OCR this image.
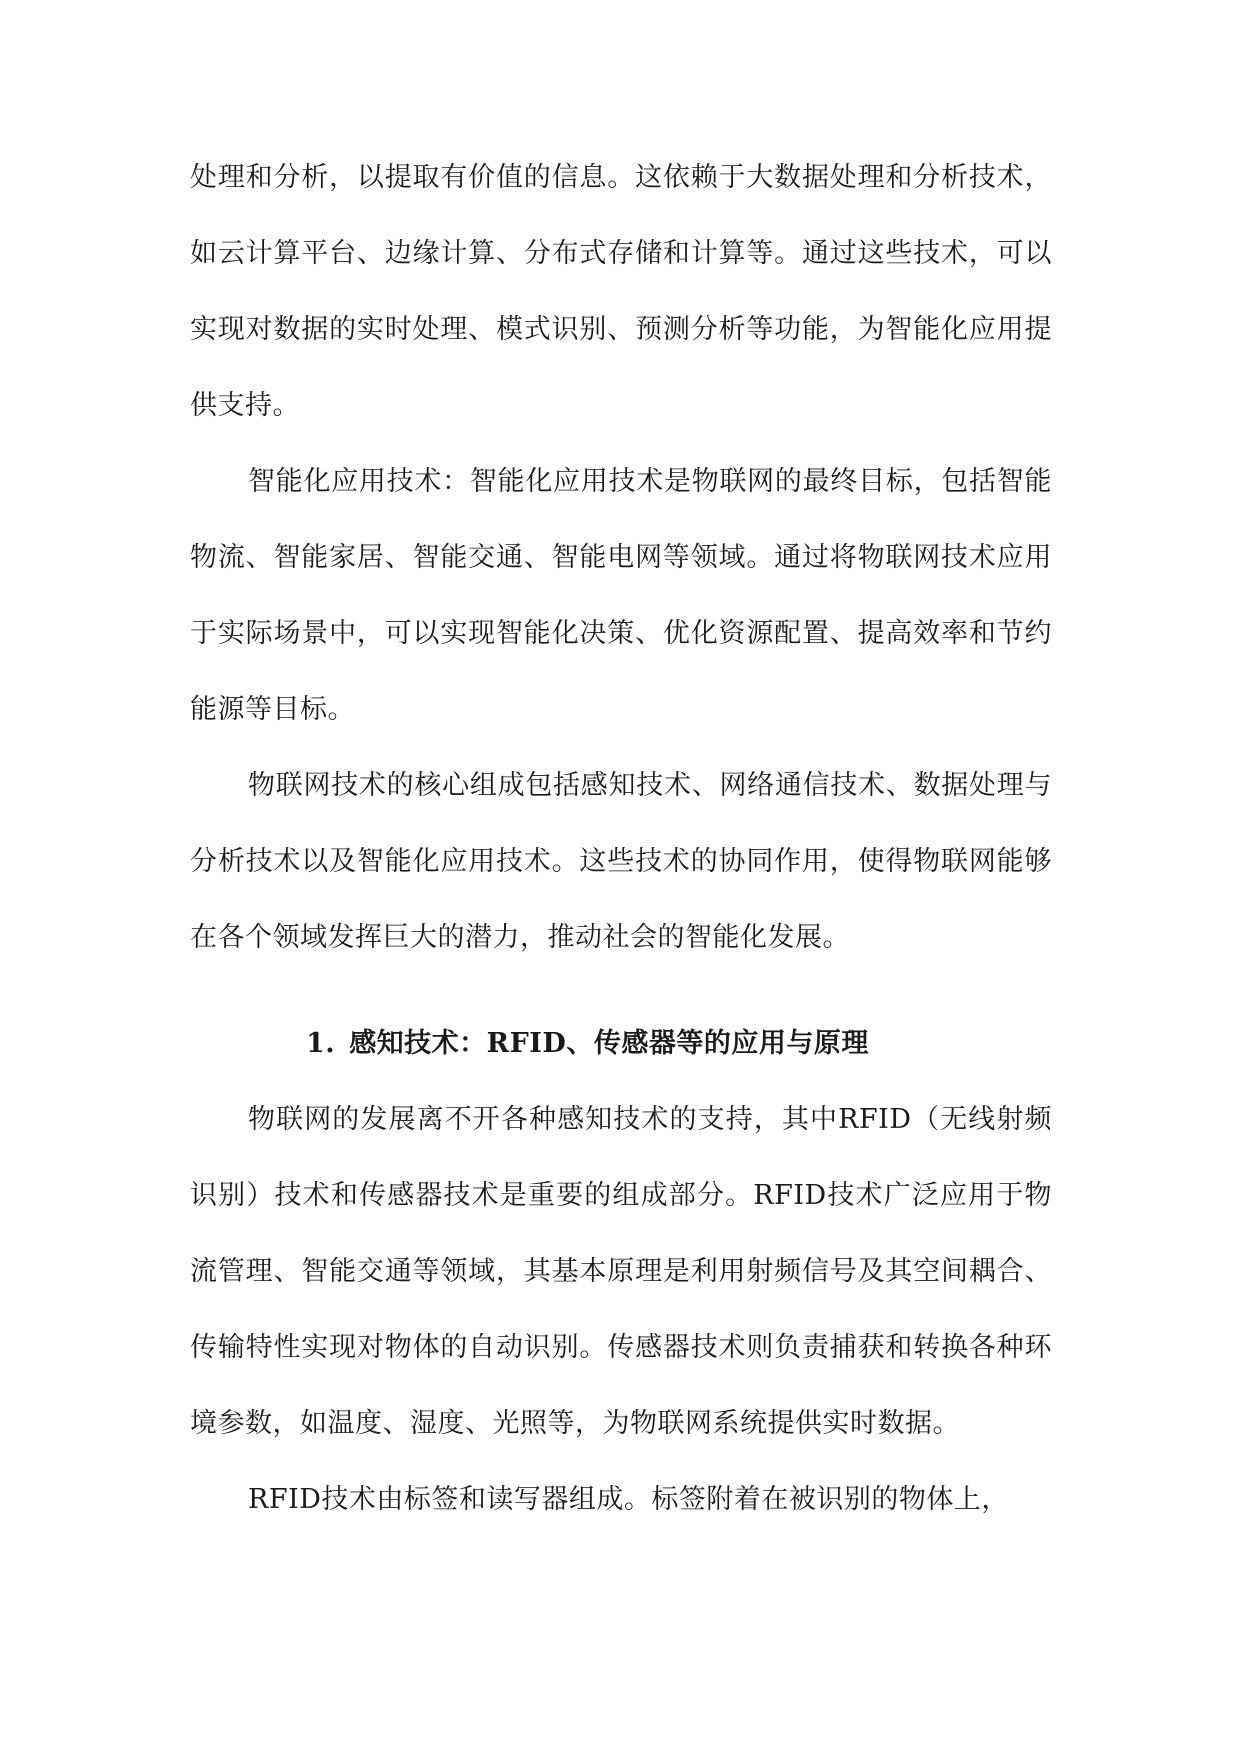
处理和分析，以提取有价值的信息。这依赖于大数据处理和分析技术，如云计算平台、边缘计算、分布式存储和计算等。通过这些技术，可以实现对数据的实时处理、模式识别、预测分析等功能，为智能化应用提供支持。

智能化应用技术：智能化应用技术是物联网的最终目标，包括智能物流、智能家居、智能交通、智能电网等领域。通过将物联网技术应用于实际场景中，可以实现智能化决策、优化资源配置、提高效率和节约能源等目标。

物联网技术的核心组成包括感知技术、网络通信技术、数据处理与分析技术以及智能化应用技术。这些技术的协同作用，使得物联网能够在各个领域发挥巨大的潜力，推动社会的智能化发展。

1. 感知技术：RFID、传感器等的应用与原理

物联网的发展离不开各种感知技术的支持，其中RFID（无线射频识别）技术和传感器技术是重要的组成部分。RFID技术广泛应用于物流管理、智能交通等领域，其基本原理是利用射频信号及其空间耦合、传输特性实现对物体的自动识别。传感器技术则负责捕获和转换各种环境参数，如温度、湿度、光照等，为物联网系统提供实时数据。

RFID技术由标签和读写器组成。标签附着在被识别的物体上，
